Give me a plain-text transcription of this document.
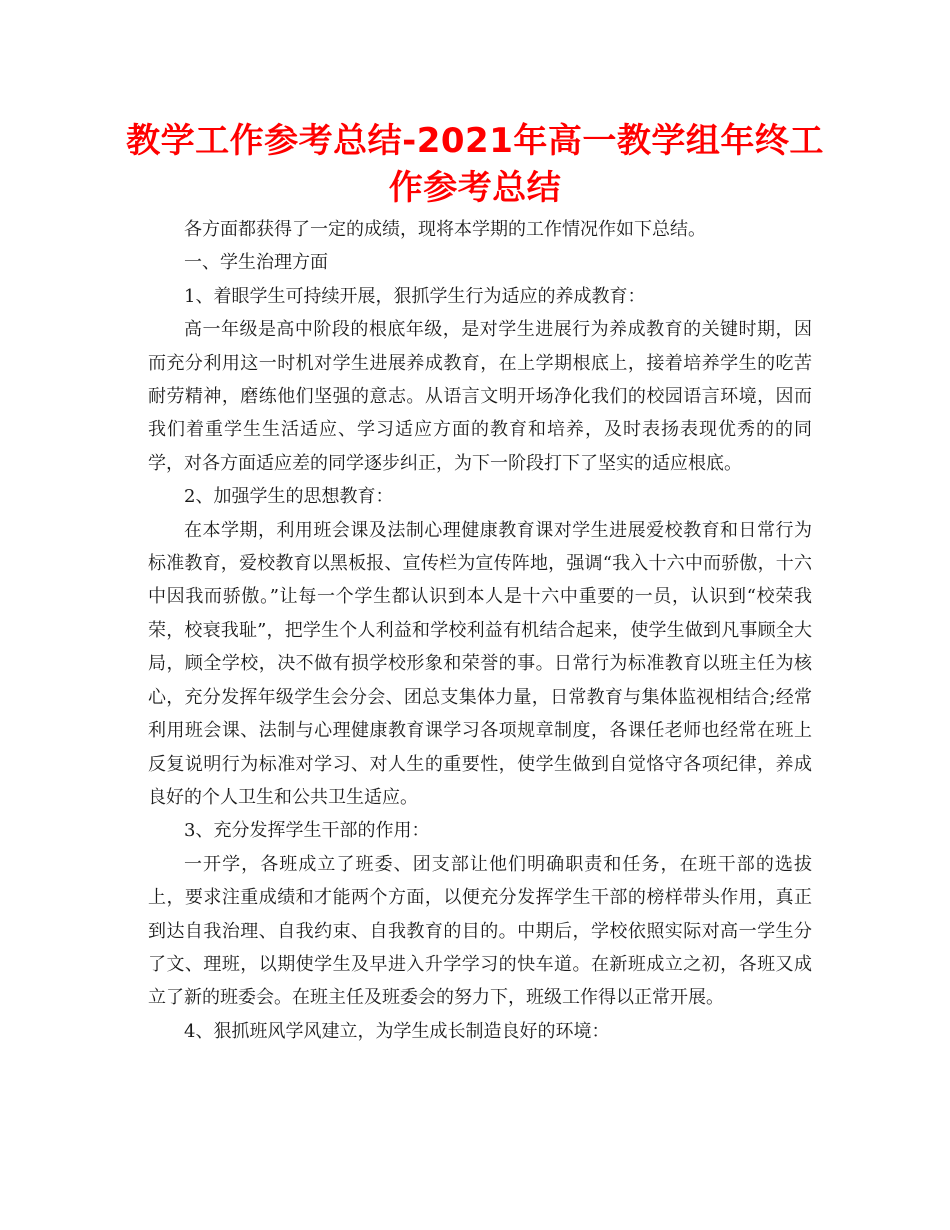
教学工作参考总结-2021年高一教学组年终工作参考总结

各方面都获得了一定的成绩，现将本学期的工作情况作如下总结。

一、学生治理方面

1、着眼学生可持续开展，狠抓学生行为适应的养成教育：

高一年级是高中阶段的根底年级，是对学生进展行为养成教育的关键时期，因而充分利用这一时机对学生进展养成教育，在上学期根底上，接着培养学生的吃苦耐劳精神，磨练他们坚强的意志。从语言文明开场净化我们的校园语言环境，因而我们着重学生生活适应、学习适应方面的教育和培养，及时表扬表现优秀的的同学，对各方面适应差的同学逐步纠正，为下一阶段打下了坚实的适应根底。

2、加强学生的思想教育：

在本学期，利用班会课及法制心理健康教育课对学生进展爱校教育和日常行为标准教育，爱校教育以黑板报、宣传栏为宣传阵地，强调“我入十六中而骄傲，十六中因我而骄傲。”让每一个学生都认识到本人是十六中重要的一员，认识到“校荣我荣，校衰我耻”，把学生个人利益和学校利益有机结合起来，使学生做到凡事顾全大局，顾全学校，决不做有损学校形象和荣誉的事。日常行为标准教育以班主任为核心，充分发挥年级学生会分会、团总支集体力量，日常教育与集体监视相结合;经常利用班会课、法制与心理健康教育课学习各项规章制度，各课任老师也经常在班上反复说明行为标准对学习、对人生的重要性，使学生做到自觉恪守各项纪律，养成良好的个人卫生和公共卫生适应。

3、充分发挥学生干部的作用：

一开学，各班成立了班委、团支部让他们明确职责和任务，在班干部的选拔上，要求注重成绩和才能两个方面，以便充分发挥学生干部的榜样带头作用，真正到达自我治理、自我约束、自我教育的目的。中期后，学校依照实际对高一学生分了文、理班，以期使学生及早进入升学学习的快车道。在新班成立之初，各班又成立了新的班委会。在班主任及班委会的努力下，班级工作得以正常开展。

4、狠抓班风学风建立，为学生成长制造良好的环境：
